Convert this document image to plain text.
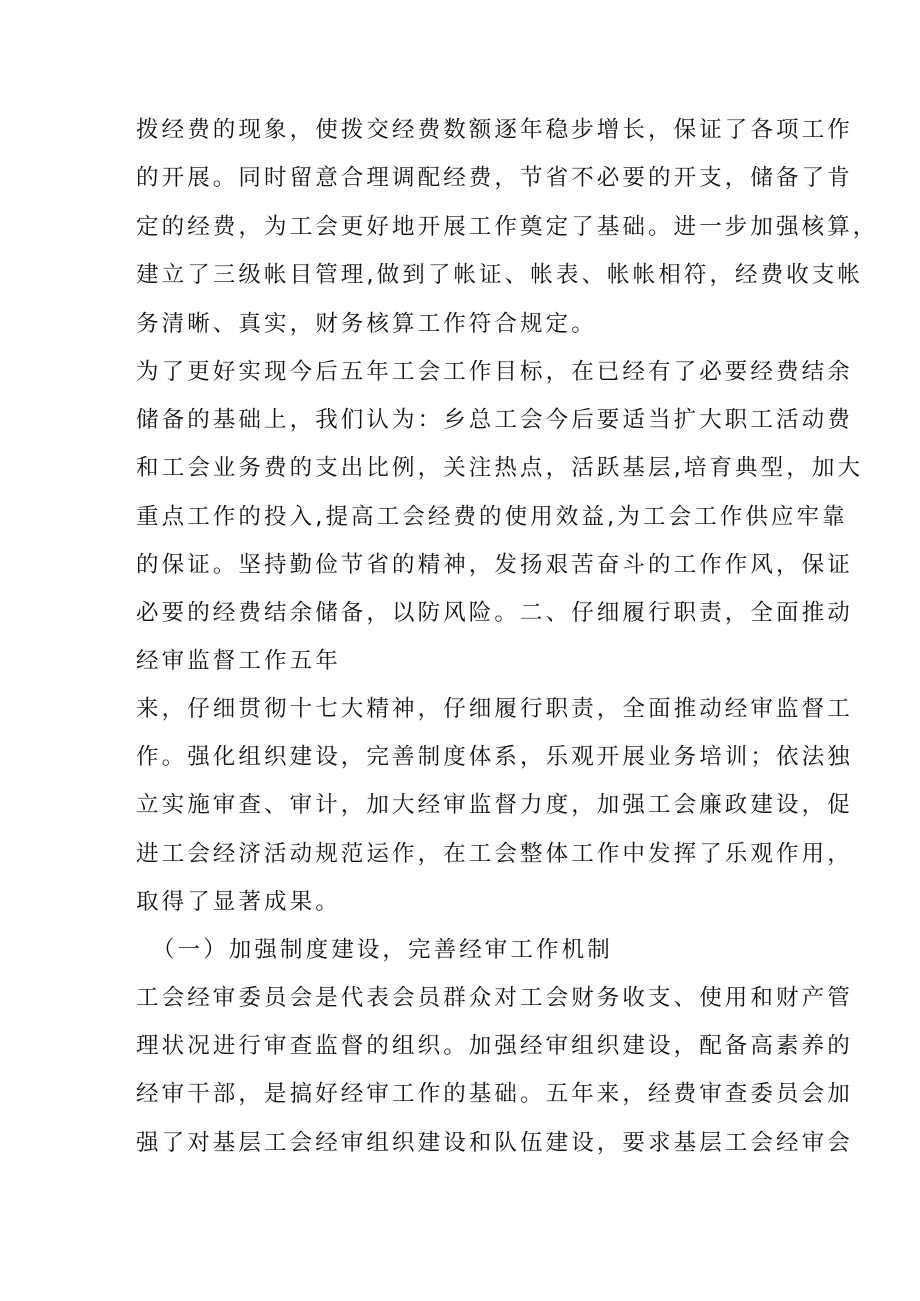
拨经费的现象，使拨交经费数额逐年稳步增长，保证了各项工作
的开展。同时留意合理调配经费，节省不必要的开支，储备了肯
定的经费，为工会更好地开展工作奠定了基础。进一步加强核算，
建立了三级帐目管理,做到了帐证、帐表、帐帐相符，经费收支帐
务清晰、真实，财务核算工作符合规定。
为了更好实现今后五年工会工作目标，在已经有了必要经费结余
储备的基础上，我们认为：乡总工会今后要适当扩大职工活动费
和工会业务费的支出比例，关注热点，活跃基层,培育典型，加大
重点工作的投入,提高工会经费的使用效益,为工会工作供应牢靠
的保证。坚持勤俭节省的精神，发扬艰苦奋斗的工作作风，保证
必要的经费结余储备，以防风险。二、仔细履行职责，全面推动
经审监督工作五年
来，仔细贯彻十七大精神，仔细履行职责，全面推动经审监督工
作。强化组织建设，完善制度体系，乐观开展业务培训；依法独
立实施审查、审计，加大经审监督力度，加强工会廉政建设，促
进工会经济活动规范运作，在工会整体工作中发挥了乐观作用，
取得了显著成果。
（一）加强制度建设，完善经审工作机制
工会经审委员会是代表会员群众对工会财务收支、使用和财产管
理状况进行审查监督的组织。加强经审组织建设，配备高素养的
经审干部，是搞好经审工作的基础。五年来，经费审查委员会加
强了对基层工会经审组织建设和队伍建设，要求基层工会经审会
